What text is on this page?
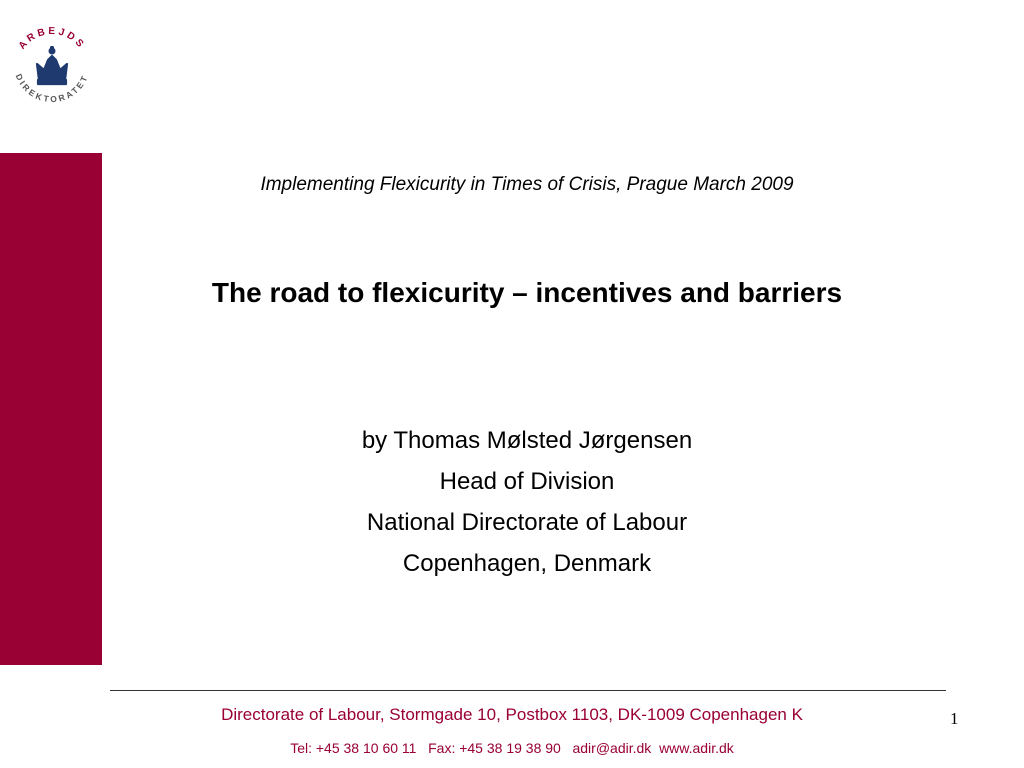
ARBEJDS
DIREKTORATET
Implementing Flexicurity in Times of Crisis, Prague March 2009
The road to flexicurity – incentives and barriers
by Thomas Mølsted Jørgensen
Head of Division
National Directorate of Labour
Copenhagen, Denmark
Directorate of Labour, Stormgade 10, Postbox 1103, DK-1009 Copenhagen K
Tel: +45 38 10 60 11   Fax: +45 38 19 38 90   adir@adir.dk  www.adir.dk
1
